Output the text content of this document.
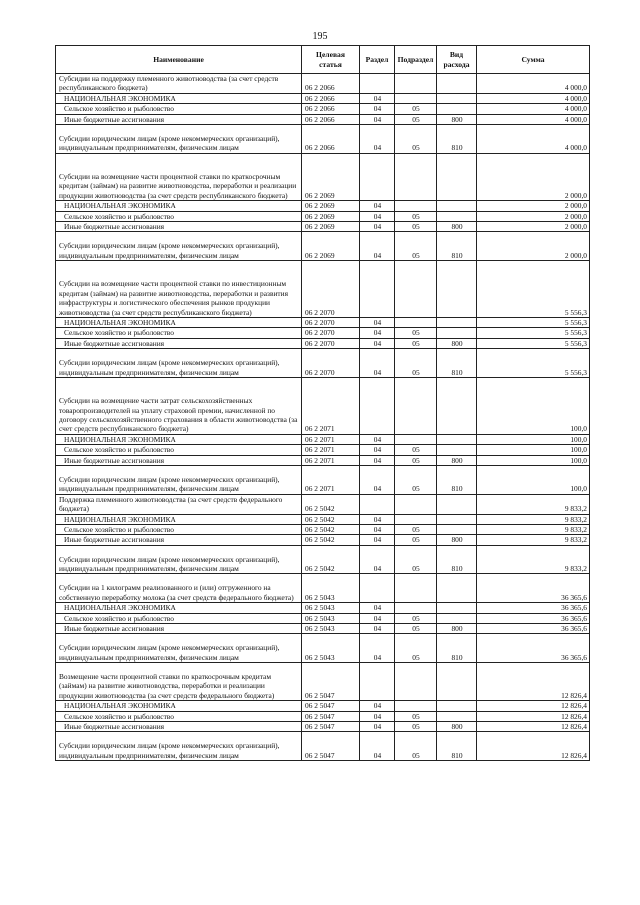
195
Наименование	Целевая статья	Раздел	Подраздел	Вид расхода	Сумма
Субсидии на поддержку племенного животноводства (за счет средств республиканского бюджета)	06 2 2066				4 000,0
НАЦИОНАЛЬНАЯ ЭКОНОМИКА	06 2 2066	04			4 000,0
Сельское хозяйство и рыболовство	06 2 2066	04	05		4 000,0
Иные бюджетные ассигнования	06 2 2066	04	05	800	4 000,0
Субсидии юридическим лицам (кроме некоммерческих организаций), индивидуальным предпринимателям, физическим лицам	06 2 2066	04	05	810	4 000,0
Субсидии на возмещение части процентной ставки по краткосрочным кредитам (займам) на развитие животноводства, переработки и реализации продукции животноводства (за счет средств республиканского бюджета)	06 2 2069				2 000,0
НАЦИОНАЛЬНАЯ ЭКОНОМИКА	06 2 2069	04			2 000,0
Сельское хозяйство и рыболовство	06 2 2069	04	05		2 000,0
Иные бюджетные ассигнования	06 2 2069	04	05	800	2 000,0
Субсидии юридическим лицам (кроме некоммерческих организаций), индивидуальным предпринимателям, физическим лицам	06 2 2069	04	05	810	2 000,0
Субсидии на возмещение части процентной ставки по инвестиционным кредитам (займам) на развитие животноводства, переработки и развития инфраструктуры и логистического обеспечения рынков продукции животноводства (за счет средств республиканского бюджета)	06 2 2070				5 556,3
НАЦИОНАЛЬНАЯ ЭКОНОМИКА	06 2 2070	04			5 556,3
Сельское хозяйство и рыболовство	06 2 2070	04	05		5 556,3
Иные бюджетные ассигнования	06 2 2070	04	05	800	5 556,3
Субсидии юридическим лицам (кроме некоммерческих организаций), индивидуальным предпринимателям, физическим лицам	06 2 2070	04	05	810	5 556,3
Субсидии на возмещение части затрат сельскохозяйственных товаропроизводителей на уплату страховой премии, начисленной по договору сельскохозяйственного страхования в области животноводства (за счет средств республиканского бюджета)	06 2 2071				100,0
НАЦИОНАЛЬНАЯ ЭКОНОМИКА	06 2 2071	04			100,0
Сельское хозяйство и рыболовство	06 2 2071	04	05		100,0
Иные бюджетные ассигнования	06 2 2071	04	05	800	100,0
Субсидии юридическим лицам (кроме некоммерческих организаций), индивидуальным предпринимателям, физическим лицам	06 2 2071	04	05	810	100,0
Поддержка племенного животноводства (за счет средств федерального бюджета)	06 2 5042				9 833,2
НАЦИОНАЛЬНАЯ ЭКОНОМИКА	06 2 5042	04			9 833,2
Сельское хозяйство и рыболовство	06 2 5042	04	05		9 833,2
Иные бюджетные ассигнования	06 2 5042	04	05	800	9 833,2
Субсидии юридическим лицам (кроме некоммерческих организаций), индивидуальным предпринимателям, физическим лицам	06 2 5042	04	05	810	9 833,2
Субсидии на 1 килограмм реализованного и (или) отгруженного на собственную переработку молока (за счет средств федерального бюджета)	06 2 5043				36 365,6
НАЦИОНАЛЬНАЯ ЭКОНОМИКА	06 2 5043	04			36 365,6
Сельское хозяйство и рыболовство	06 2 5043	04	05		36 365,6
Иные бюджетные ассигнования	06 2 5043	04	05	800	36 365,6
Субсидии юридическим лицам (кроме некоммерческих организаций), индивидуальным предпринимателям, физическим лицам	06 2 5043	04	05	810	36 365,6
Возмещение части процентной ставки по краткосрочным кредитам (займам) на развитие животноводства, переработки и реализации продукции животноводства (за счет средств федерального бюджета)	06 2 5047				12 826,4
НАЦИОНАЛЬНАЯ ЭКОНОМИКА	06 2 5047	04			12 826,4
Сельское хозяйство и рыболовство	06 2 5047	04	05		12 826,4
Иные бюджетные ассигнования	06 2 5047	04	05	800	12 826,4
Субсидии юридическим лицам (кроме некоммерческих организаций), индивидуальным предпринимателям, физическим лицам	06 2 5047	04	05	810	12 826,4
